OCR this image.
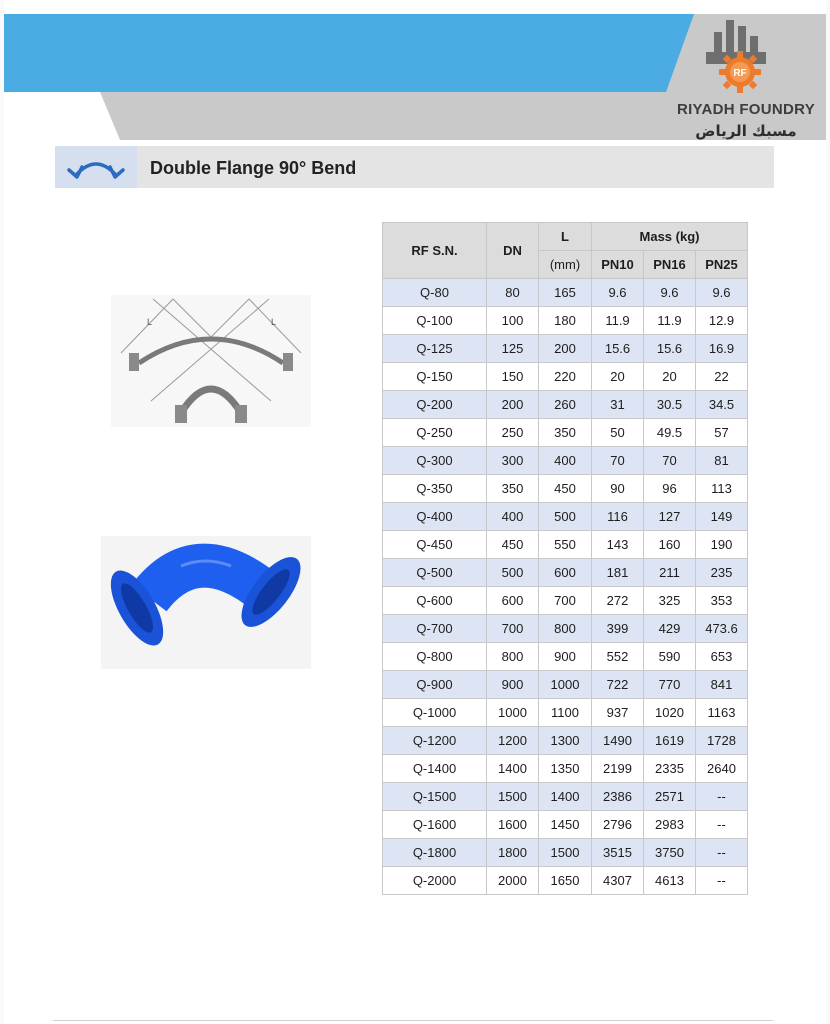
RF
RIYADH FOUNDRY
مسبك الرياض
Double Flange 90° Bend
L	L
RF S.N.	DN	L	Mass (kg)		
		(mm)	PN10	PN16	PN25
Q-80	80	165	9.6	9.6	9.6
Q-100	100	180	11.9	11.9	12.9
Q-125	125	200	15.6	15.6	16.9
Q-150	150	220	20	20	22
Q-200	200	260	31	30.5	34.5
Q-250	250	350	50	49.5	57
Q-300	300	400	70	70	81
Q-350	350	450	90	96	113
Q-400	400	500	116	127	149
Q-450	450	550	143	160	190
Q-500	500	600	181	211	235
Q-600	600	700	272	325	353
Q-700	700	800	399	429	473.6
Q-800	800	900	552	590	653
Q-900	900	1000	722	770	841
Q-1000	1000	1100	937	1020	1163
Q-1200	1200	1300	1490	1619	1728
Q-1400	1400	1350	2199	2335	2640
Q-1500	1500	1400	2386	2571	--
Q-1600	1600	1450	2796	2983	--
Q-1800	1800	1500	3515	3750	--
Q-2000	2000	1650	4307	4613	--
